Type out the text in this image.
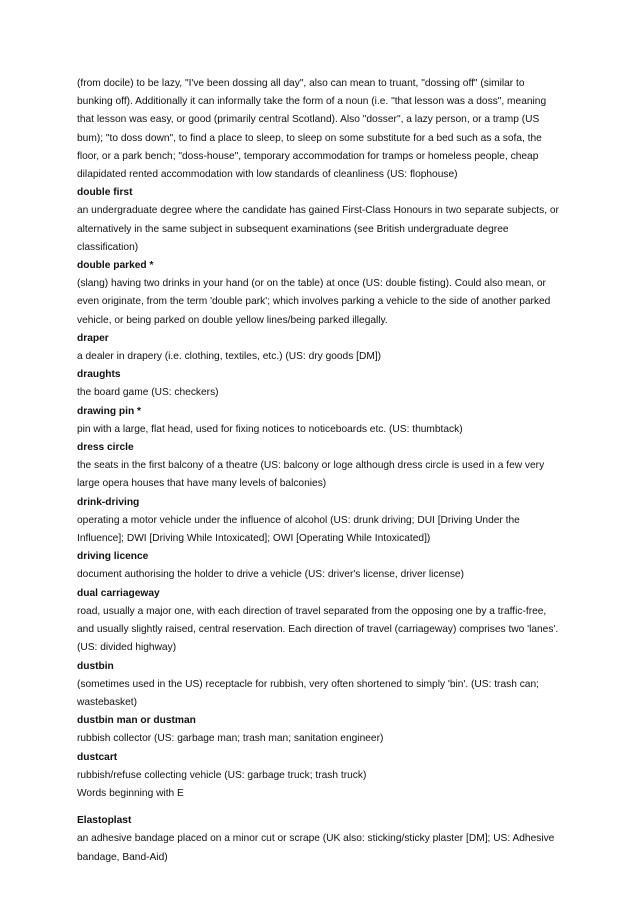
(from docile) to be lazy, "I've been dossing all day", also can mean to truant, "dossing off" (similar to bunking off). Additionally it can informally take the form of a noun (i.e. "that lesson was a doss", meaning that lesson was easy, or good (primarily central Scotland). Also "dosser", a lazy person, or a tramp (US bum); "to doss down", to find a place to sleep, to sleep on some substitute for a bed such as a sofa, the floor, or a park bench; "doss-house", temporary accommodation for tramps or homeless people, cheap dilapidated rented accommodation with low standards of cleanliness (US: flophouse)

double first

an undergraduate degree where the candidate has gained First-Class Honours in two separate subjects, or alternatively in the same subject in subsequent examinations (see British undergraduate degree classification)

double parked *

(slang) having two drinks in your hand (or on the table) at once (US: double fisting). Could also mean, or even originate, from the term 'double park'; which involves parking a vehicle to the side of another parked vehicle, or being parked on double yellow lines/being parked illegally.

draper

a dealer in drapery (i.e. clothing, textiles, etc.) (US: dry goods [DM])

draughts

the board game (US: checkers)

drawing pin *

pin with a large, flat head, used for fixing notices to noticeboards etc. (US: thumbtack)

dress circle

the seats in the first balcony of a theatre (US: balcony or loge although dress circle is used in a few very large opera houses that have many levels of balconies)

drink-driving

operating a motor vehicle under the influence of alcohol (US: drunk driving; DUI [Driving Under the Influence]; DWI [Driving While Intoxicated]; OWI [Operating While Intoxicated])

driving licence

document authorising the holder to drive a vehicle (US: driver's license, driver license)

dual carriageway

road, usually a major one, with each direction of travel separated from the opposing one by a traffic-free, and usually slightly raised, central reservation. Each direction of travel (carriageway) comprises two 'lanes'. (US: divided highway)

dustbin

(sometimes used in the US) receptacle for rubbish, very often shortened to simply 'bin'. (US: trash can; wastebasket)

dustbin man or dustman

rubbish collector (US: garbage man; trash man; sanitation engineer)

dustcart

rubbish/refuse collecting vehicle (US: garbage truck; trash truck)

Words beginning with E

Elastoplast

an adhesive bandage placed on a minor cut or scrape (UK also: sticking/sticky plaster [DM]; US: Adhesive bandage, Band-Aid)
